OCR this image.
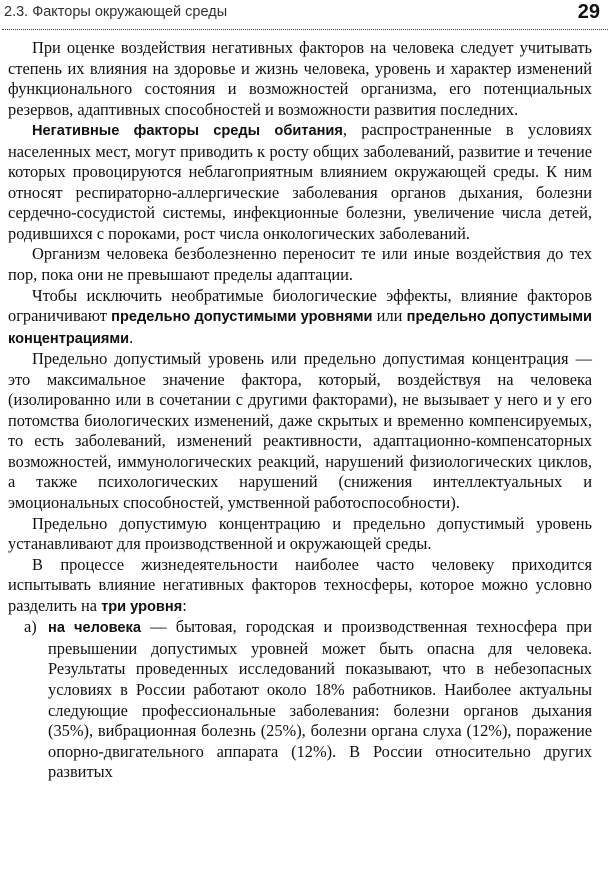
2.3. Факторы окружающей среды	29

При оценке воздействия негативных факторов на человека следует учитывать степень их влияния на здоровье и жизнь человека, уровень и характер изменений функционального состояния и возможностей организма, его потенциальных резервов, адаптивных способностей и возможности развития последних.

Негативные факторы среды обитания, распространенные в условиях населенных мест, могут приводить к росту общих заболеваний, развитие и течение которых провоцируются неблагоприятным влиянием окружающей среды. К ним относят респираторно-аллергические заболевания органов дыхания, болезни сердечно-сосудистой системы, инфекционные болезни, увеличение числа детей, родившихся с пороками, рост числа онкологических заболеваний.

Организм человека безболезненно переносит те или иные воздействия до тех пор, пока они не превышают пределы адаптации.

Чтобы исключить необратимые биологические эффекты, влияние факторов ограничивают предельно допустимыми уровнями или предельно допустимыми концентрациями.

Предельно допустимый уровень или предельно допустимая концентрация — это максимальное значение фактора, который, воздействуя на человека (изолированно или в сочетании с другими факторами), не вызывает у него и у его потомства биологических изменений, даже скрытых и временно компенсируемых, то есть заболеваний, изменений реактивности, адаптационно-компенсаторных возможностей, иммунологических реакций, нарушений физиологических циклов, а также психологических нарушений (снижения интеллектуальных и эмоциональных способностей, умственной работоспособности).

Предельно допустимую концентрацию и предельно допустимый уровень устанавливают для производственной и окружающей среды.

В процессе жизнедеятельности наиболее часто человеку приходится испытывать влияние негативных факторов техносферы, которое можно условно разделить на три уровня:

а) на человека — бытовая, городская и производственная техносфера при превышении допустимых уровней может быть опасна для человека. Результаты проведенных исследований показывают, что в небезопасных условиях в России работают около 18% работников. Наиболее актуальны следующие профессиональные заболевания: болезни органов дыхания (35%), вибрационная болезнь (25%), болезни органа слуха (12%), поражение опорно-двигательного аппарата (12%). В России относительно других развитых
